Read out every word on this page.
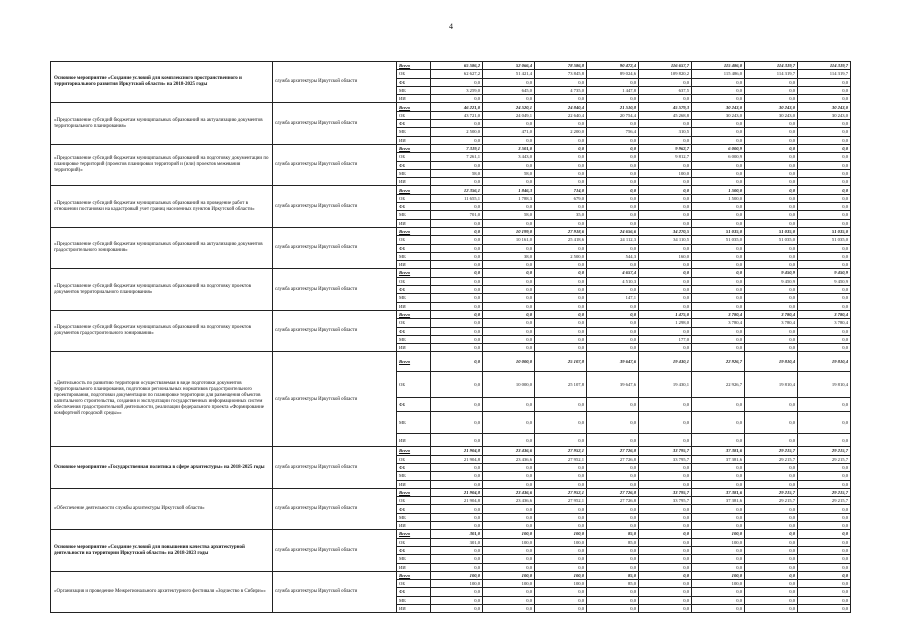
4
Основное мероприятие «Создание условий для комплексного пространственного и территориального развития Иркутской области» на 2018-2025 годы	служба архитектуры Иркутской области	Всего	65 586,2	52 066,4	78 586,8	90 472,4	116 657,7	115 486,0	114 319,7	114 319,7
		ОБ	62 627,2	51 421,4	73 845,8	89 024,6	109 820,2	115 486,0	114 319,7	114 319,7
		ФБ	0,0	0,0	0,0	0,0	0,0	0,0	0,0	0,0
		МБ	3 259,0	645,0	4 735,0	1 447,8	637,5	0,0	0,0	0,0
		ИИ	0,0	0,0	0,0	0,0	0,0	0,0	0,0	0,0
«Предоставление субсидий бюджетам муниципальных образований на актуализацию документов территориального планирования»	служба архитектуры Иркутской области	Всего	46 221,0	24 520,1	24 840,4	21 510,8	45 579,3	30 243,0	30 243,0	30 243,0
		ОБ	43 721,0	24 049,1	22 640,4	20 754,4	45 268,8	30 243,0	30 243,0	30 243,0
		ФБ	0,0	0,0	0,0	0,0	0,0	0,0	0,0	0,0
		МБ	2 500,0	471,0	2 200,0	756,4	310,5	0,0	0,0	0,0
		ИИ	0,0	0,0	0,0	0,0	0,0	0,0	0,0	0,0
«Предоставление субсидий бюджетам муниципальных образований на подготовку документации по планировке территорий (проектов планировки территорий и (или) проектов межевания территорий)»	служба архитектуры Иркутской области	Всего	7 319,1	3 501,0	0,0	0,0	9 962,7	6 000,9	0,0	0,0
		ОБ	7 261,1	3 443,0	0,0	0,0	9 812,7	6 000,9	0,0	0,0
		ФБ	0,0	0,0	0,0	0,0	0,0	0,0	0,0	0,0
		МБ	58,0	58,0	0,0	0,0	100,0	0,0	0,0	0,0
		ИИ	0,0	0,0	0,0	0,0	0,0	0,0	0,0	0,0
«Предоставление субсидий бюджетам муниципальных образований на проведение работ в отношении постановки на кадастровый учет границ населенных пунктов Иркутской области»	служба архитектуры Иркутской области	Всего	12 356,1	1 846,3	714,0	0,0	0,0	1 500,0	0,0	0,0
		ОБ	11 655,1	1 788,3	679,0	0,0	0,0	1 500,0	0,0	0,0
		ФБ	0,0	0,0	0,0	0,0	0,0	0,0	0,0	0,0
		МБ	701,0	58,0	35,0	0,0	0,0	0,0	0,0	0,0
		ИИ	0,0	0,0	0,0	0,0	0,0	0,0	0,0	0,0
«Предоставление субсидий бюджетам муниципальных образований на актуализацию документов градостроительного зонирования»	служба архитектуры Иркутской области	Всего	0,0	10 199,0	27 918,6	24 656,6	34 270,5	51 035,0	51 035,0	51 035,0
		ОБ	0,0	10 161,0	25 418,6	24 112,3	34 110,5	51 035,0	51 035,0	51 035,0
		ФБ	0,0	0,0	0,0	0,0	0,0	0,0	0,0	0,0
		МБ	0,0	38,0	2 500,0	544,3	160,0	0,0	0,0	0,0
		ИИ	0,0	0,0	0,0	0,0	0,0	0,0	0,0	0,0
«Предоставление субсидий бюджетам муниципальных образований на подготовку проектов документов территориального планирования»	служба архитектуры Иркутской области	Всего	0,0	0,0	0,0	4 657,4	0,0	0,0	9 450,9	9 450,9
		ОБ	0,0	0,0	0,0	4 510,3	0,0	0,0	9 450,9	9 450,9
		ФБ	0,0	0,0	0,0	0,0	0,0	0,0	0,0	0,0
		МБ	0,0	0,0	0,0	147,1	0,0	0,0	0,0	0,0
		ИИ	0,0	0,0	0,0	0,0	0,0	0,0	0,0	0,0
«Предоставление субсидий бюджетам муниципальных образований на подготовку проектов документов градостроительного зонирования»	служба архитектуры Иркутской области	Всего	0,0	0,0	0,0	0,0	1 475,0	3 780,4	3 780,4	3 780,4
		ОБ	0,0	0,0	0,0	0,0	1 298,0	3 780,4	3 780,4	3 780,4
		ФБ	0,0	0,0	0,0	0,0	0,0	0,0	0,0	0,0
		МБ	0,0	0,0	0,0	0,0	177,0	0,0	0,0	0,0
		ИИ	0,0	0,0	0,0	0,0	0,0	0,0	0,0	0,0
«Деятельность по развитию территории осуществляемая в виде подготовки документов территориального планирования, подготовки региональных нормативов градостроительного проектирования, подготовки документации по планировке территории для размещения объектов капитального строительства, создания и эксплуатации государственных информационных систем обеспечения градостроительной деятельности, реализации федерального проекта «Формирование комфортной городской среды»»	служба архитектуры Иркутской области	Всего	0,0	10 000,0	25 107,8	39 647,6	19 430,1	22 926,7	19 810,4	19 810,4
		ОБ	0,0	10 000,0	25 107,8	39 647,6	19 430,1	22 926,7	19 810,4	19 810,4
		ФБ	0,0	0,0	0,0	0,0	0,0	0,0	0,0	0,0
		МБ	0,0	0,0	0,0	0,0	0,0	0,0	0,0	0,0
		ИИ	0,0	0,0	0,0	0,0	0,0	0,0	0,0	0,0
Основное мероприятие «Государственная политика в сфере архитектуры» на 2018-2025 годы	служба архитектуры Иркутской области	Всего	21 904,8	23 436,6	27 952,1	27 726,8	33 795,7	37 381,6	29 215,7	29 215,7
		ОБ	21 904,8	23 436,6	27 952,1	27 726,8	33 795,7	37 381,6	29 215,7	29 215,7
		ФБ	0,0	0,0	0,0	0,0	0,0	0,0	0,0	0,0
		МБ	0,0	0,0	0,0	0,0	0,0	0,0	0,0	0,0
		ИИ	0,0	0,0	0,0	0,0	0,0	0,0	0,0	0,0
«Обеспечение деятельности службы архитектуры Иркутской области»	служба архитектуры Иркутской области	Всего	21 904,8	23 436,6	27 952,1	27 726,8	33 795,7	37 381,6	29 215,7	29 215,7
		ОБ	21 904,8	23 436,6	27 952,1	27 726,8	33 795,7	37 381,6	29 215,7	29 215,7
		ФБ	0,0	0,0	0,0	0,0	0,0	0,0	0,0	0,0
		МБ	0,0	0,0	0,0	0,0	0,0	0,0	0,0	0,0
		ИИ	0,0	0,0	0,0	0,0	0,0	0,0	0,0	0,0
Основное мероприятие «Создание условий для повышения качества архитектурной деятельности на территории Иркутской области» на 2018-2023 годы	служба архитектуры Иркутской области	Всего	301,0	100,0	100,0	85,0	0,0	100,0	0,0	0,0
		ОБ	301,0	100,0	100,0	85,0	0,0	100,0	0,0	0,0
		ФБ	0,0	0,0	0,0	0,0	0,0	0,0	0,0	0,0
		МБ	0,0	0,0	0,0	0,0	0,0	0,0	0,0	0,0
		ИИ	0,0	0,0	0,0	0,0	0,0	0,0	0,0	0,0
«Организация и проведение Межрегионального архитектурного фестиваля «Зодчество в Сибири»»	служба архитектуры Иркутской области	Всего	100,0	100,0	100,0	85,0	0,0	100,0	0,0	0,0
		ОБ	100,0	100,0	100,0	85,0	0,0	100,0	0,0	0,0
		ФБ	0,0	0,0	0,0	0,0	0,0	0,0	0,0	0,0
		МБ	0,0	0,0	0,0	0,0	0,0	0,0	0,0	0,0
		ИИ	0,0	0,0	0,0	0,0	0,0	0,0	0,0	0,0
